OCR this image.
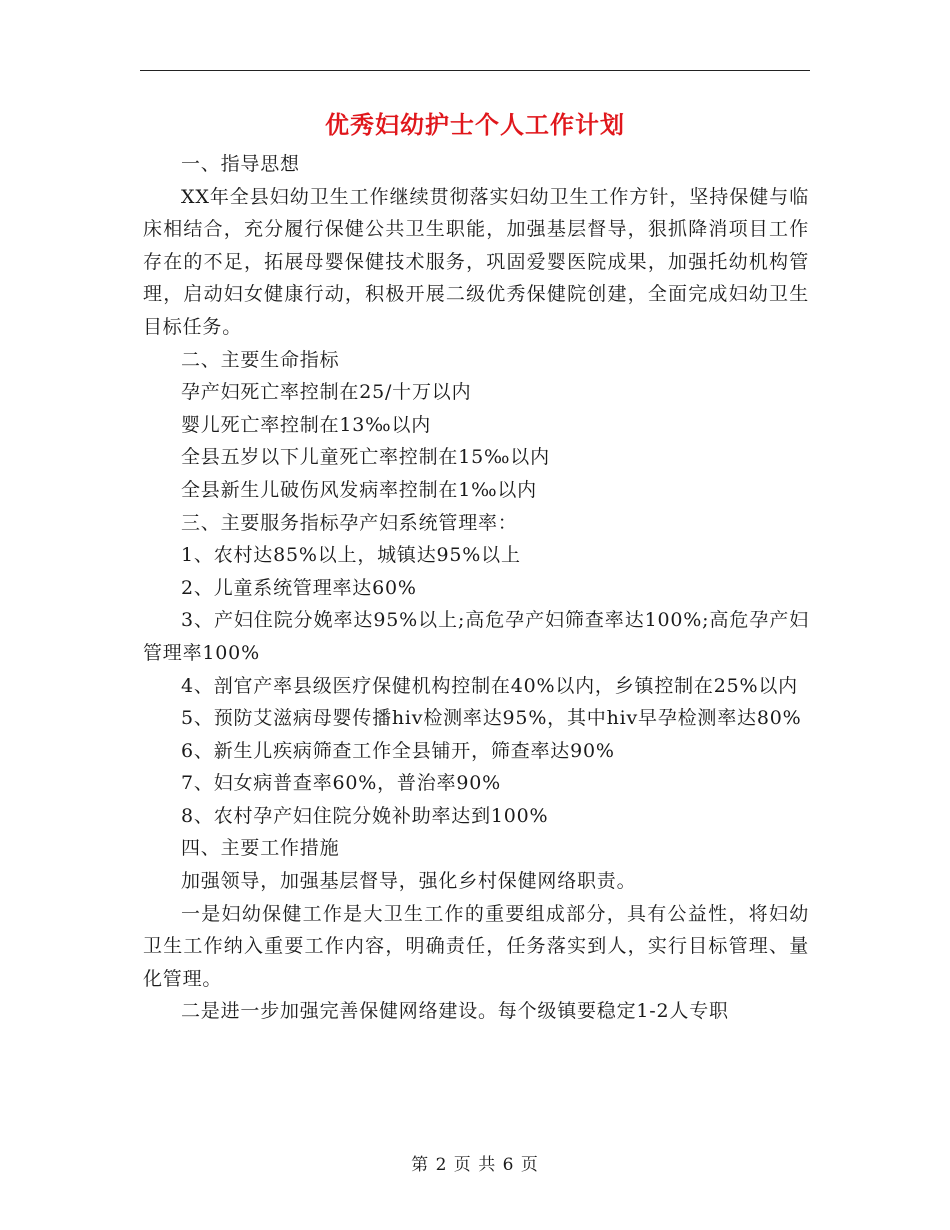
优秀妇幼护士个人工作计划

一、指导思想

XX年全县妇幼卫生工作继续贯彻落实妇幼卫生工作方针，坚持保健与临床相结合，充分履行保健公共卫生职能，加强基层督导，狠抓降消项目工作存在的不足，拓展母婴保健技术服务，巩固爱婴医院成果，加强托幼机构管理，启动妇女健康行动，积极开展二级优秀保健院创建，全面完成妇幼卫生目标任务。

二、主要生命指标

孕产妇死亡率控制在25/十万以内

婴儿死亡率控制在13‰以内

全县五岁以下儿童死亡率控制在15‰以内

全县新生儿破伤风发病率控制在1‰以内

三、主要服务指标孕产妇系统管理率：

1、农村达85%以上，城镇达95%以上

2、儿童系统管理率达60%

3、产妇住院分娩率达95%以上;高危孕产妇筛查率达100%;高危孕产妇管理率100%

4、剖官产率县级医疗保健机构控制在40%以内，乡镇控制在25%以内

5、预防艾滋病母婴传播hiv检测率达95%，其中hiv早孕检测率达80%

6、新生儿疾病筛查工作全县铺开，筛查率达90%

7、妇女病普查率60%，普治率90%

8、农村孕产妇住院分娩补助率达到100%

四、主要工作措施

加强领导，加强基层督导，强化乡村保健网络职责。

一是妇幼保健工作是大卫生工作的重要组成部分，具有公益性，将妇幼卫生工作纳入重要工作内容，明确责任，任务落实到人，实行目标管理、量化管理。

二是进一步加强完善保健网络建设。每个级镇要稳定1-2人专职

第 2 页 共 6 页
